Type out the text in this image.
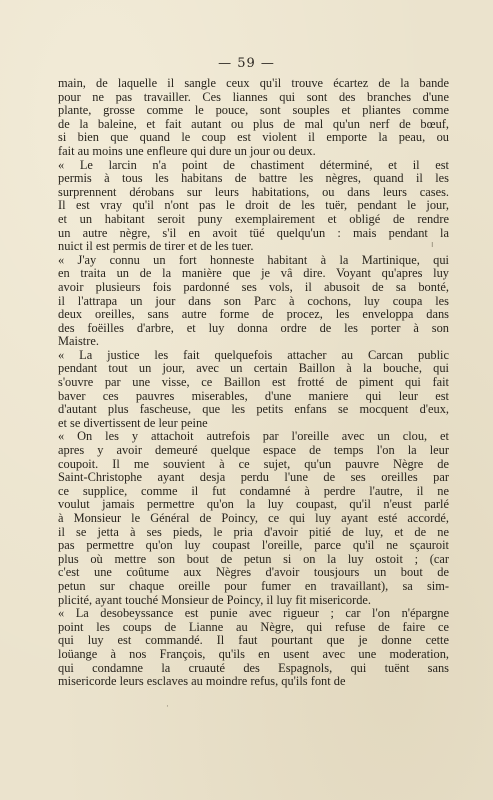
— 59 —

main, de laquelle il sangle ceux qu'il trouve écartez de la bande
pour ne pas travailler. Ces liannes qui sont des branches d'une
plante, grosse comme le pouce, sont souples et pliantes comme
de la baleine, et fait autant ou plus de mal qu'un nerf de bœuf,
si bien que quand le coup est violent il emporte la peau, ou
fait au moins une enfleure qui dure un jour ou deux.

« Le larcin n'a point de chastiment déterminé, et il est
permis à tous les habitans de battre les nègres, quand il les
surprennent dérobans sur leurs habitations, ou dans leurs cases.
Il est vray qu'il n'ont pas le droit de les tuër, pendant le jour,
et un habitant seroit puny exemplairement et obligé de rendre
un autre nègre, s'il en avoit tüé quelqu'un : mais pendant la
nuict il est permis de tirer et de les tuer.

« J'ay connu un fort honneste habitant à la Martinique, qui
en traita un de la manière que je vâ dire. Voyant qu'apres luy
avoir plusieurs fois pardonné ses vols, il abusoit de sa bonté,
il l'attrapa un jour dans son Parc à cochons, luy coupa les
deux oreilles, sans autre forme de procez, les enveloppa dans
des foëilles d'arbre, et luy donna ordre de les porter à son
Maistre.

« La justice les fait quelquefois attacher au Carcan public
pendant tout un jour, avec un certain Baillon à la bouche, qui
s'ouvre par une visse, ce Baillon est frotté de piment qui fait
baver ces pauvres miserables, d'une maniere qui leur est
d'autant plus fascheuse, que les petits enfans se mocquent d'eux,
et se divertissent de leur peine

« On les y attachoit autrefois par l'oreille avec un clou, et
apres y avoir demeuré quelque espace de temps l'on la leur
coupoit. Il me souvient à ce sujet, qu'un pauvre Nègre de
Saint-Christophe ayant desja perdu l'une de ses oreilles par
ce supplice, comme il fut condamné à perdre l'autre, il ne
voulut jamais permettre qu'on la luy coupast, qu'il n'eust parlé
à Monsieur le Général de Poincy, ce qui luy ayant esté accordé,
il se jetta à ses pieds, le pria d'avoir pitié de luy, et de ne
pas permettre qu'on luy coupast l'oreille, parce qu'il ne sçauroit
plus où mettre son bout de petun si on la luy ostoit ; (car
c'est une coûtume aux Nègres d'avoir tousjours un bout de
petun sur chaque oreille pour fumer en travaillant), sa sim-
plicité, ayant touché Monsieur de Poincy, il luy fit misericorde.

« La desobeyssance est punie avec rigueur ; car l'on n'épargne
point les coups de Lianne au Nègre, qui refuse de faire ce
qui luy est commandé. Il faut pourtant que je donne cette
loüange à nos François, qu'ils en usent avec une moderation,
qui condamne la cruauté des Espagnols, qui tuënt sans
misericorde leurs esclaves au moindre refus, qu'ils font de

ı
·
